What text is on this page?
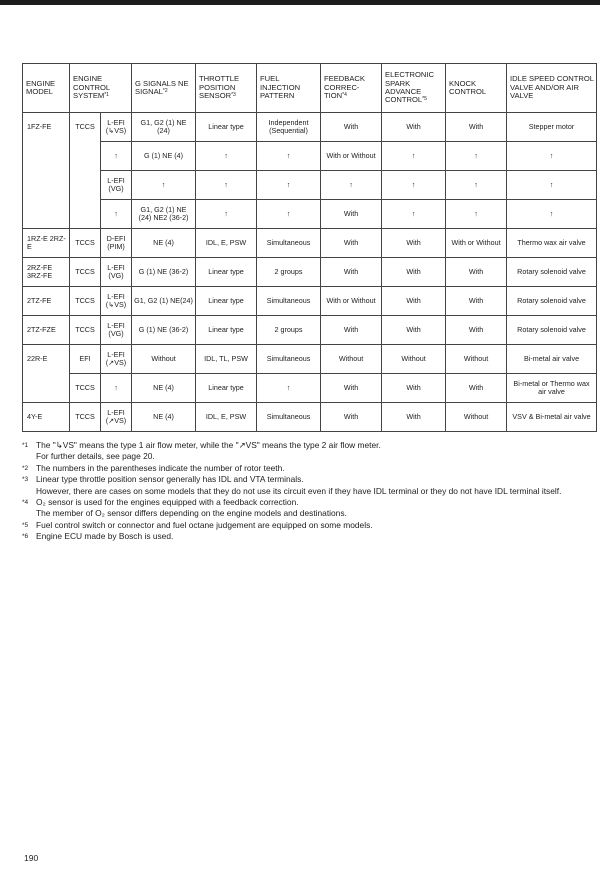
ENGINE MODEL	ENGINE CONTROL SYSTEM$^{*1}$		G SIGNALS NE SIGNAL$^{*2}$	THROTTLE POSITION SENSOR$^{*3}$	FUEL INJECTION PATTERN	FEEDBACK CORREC-TION$^{*4}$	ELECTRONIC SPARK ADVANCE CONTROL$^{*5}$	KNOCK CONTROL	IDLE SPEED CONTROL VALVE AND/OR AIR VALVE
1FZ-FE	TCCS	L-EFI (↳VS)	G1, G2 (1) NE (24)	Linear type	Independent (Sequential)	With	With	With	Stepper motor
		↑	G (1) NE (4)	↑	↑	With or Without	↑	↑	↑
		L-EFI (VG)	↑	↑	↑	↑	↑	↑	↑
		↑	G1, G2 (1) NE (24) NE2 (36-2)	↑	↑	With	↑	↑	↑
1RZ-E 2RZ-E	TCCS	D-EFI (PIM)	NE (4)	IDL, E, PSW	Simultaneous	With	With	With or Without	Thermo wax air valve
2RZ-FE 3RZ-FE	TCCS	L-EFI (VG)	G (1) NE (36-2)	Linear type	2 groups	With	With	With	Rotary solenoid valve
2TZ-FE	TCCS	L-EFI (↳VS)	G1, G2 (1) NE(24)	Linear type	Simultaneous	With or Without	With	With	Rotary solenoid valve
2TZ-FZE	TCCS	L-EFI (VG)	G (1) NE (36-2)	Linear type	2 groups	With	With	With	Rotary solenoid valve
22R-E	EFI	L-EFI (↗VS)	Without	IDL, TL, PSW	Simultaneous	Without	Without	Without	Bi-metal air valve
	TCCS	↑	NE (4)	Linear type	↑	With	With	With	Bi-metal or Thermo wax air valve
4Y-E	TCCS	L-EFI (↗VS)	NE (4)	IDL, E, PSW	Simultaneous	With	With	Without	VSV & Bi-metal air valve
*1 The "↳VS" means the type 1 air flow meter, while the "↗VS" means the type 2 air flow meter.
For further details, see page 20.
*2 The numbers in the parentheses indicate the number of rotor teeth.
*3 Linear type throttle position sensor generally has IDL and VTA terminals.
However, there are cases on some models that they do not use its circuit even if they have IDL terminal or they do not have IDL terminal itself.
*4 O₂ sensor is used for the engines equipped with a feedback correction.
The member of O₂ sensor differs depending on the engine models and destinations.
*5 Fuel control switch or connector and fuel octane judgement are equipped on some models.
*6 Engine ECU made by Bosch is used.
190
